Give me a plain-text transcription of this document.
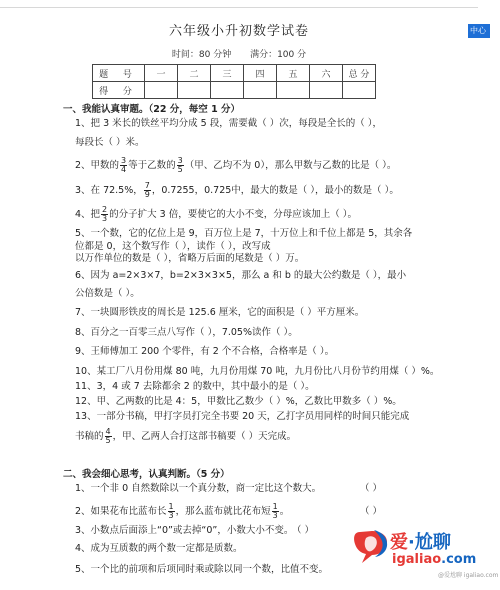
中心
六年级小升初数学试卷
时间：80 分钟 满分：100 分
题 号	一	二	三	四	五	六	总 分
得 分							
一、我能认真审题。（22 分，每空 1 分）
1、把 3 米长的铁丝平均分成 5 段，需要截（ ）次，每段是全长的（ ），
每段长（ ）米。
2、甲数的 $\frac{3}{4}$ 等于乙数的 $\frac{3}{5}$ （甲、乙均不为 0），那么甲数与乙数的比是（ ）。
3、在 72.5%， $\frac{7}{9}$ ，0.7255，0.725中，最大的数是（ ），最小的数是（ ）。
4、把 $\frac{2}{3}$ 的分子扩大 3 倍，要使它的大小不变，分母应该加上（ ）。
5、一个数，它的亿位上是 9，百万位上是 7，十万位上和千位上都是 5，其余各
位都是 0，这个数写作（ ），读作（ ），改写成
以万作单位的数是（ ），省略万后面的尾数是（ ）万。
6、因为 a=2×3×7，b=2×3×3×5，那么 a 和 b 的最大公约数是（ ），最小
公倍数是（ ）。
7、一块圆形铁皮的周长是 125.6 厘米，它的面积是（ ）平方厘米。
8、百分之一百零三点八写作（ ），7.05%读作（ ）。
9、王师傅加工 200 个零件，有 2 个不合格，合格率是（ ）。
10、某工厂八月份用煤 80 吨，九月份用煤 70 吨，九月份比八月份节约用煤（ ）%。
11、3，4 或 7 去除都余 2 的数中，其中最小的是（ ）。
12、甲、乙两数的比是 4：5，甲数比乙数少（ ）%，乙数比甲数多（ ）%。
13、一部分书稿，甲打字员打完全书要 20 天，乙打字员用同样的时间只能完成
书稿的 $\frac{4}{5}$ ，甲、乙两人合打这部书稿要（ ）天完成。
二、我会细心思考，认真判断。（5 分）
1、一个非 0 自然数除以一个真分数，商一定比这个数大。	（ ）
2、如果花布比蓝布长 $\frac{1}{3}$ ，那么蓝布就比花布短 $\frac{1}{3}$ 。	（ ）
3、小数点后面添上“0”或去掉“0”，小数大小不变。
（ ）
4、成为互质数的两个数一定都是质数。
5、一个比的前项和后项同时乘或除以同一个数，比值不变。
爱·尬聊
igaliao.com
@爱尬聊 igaliao.com
